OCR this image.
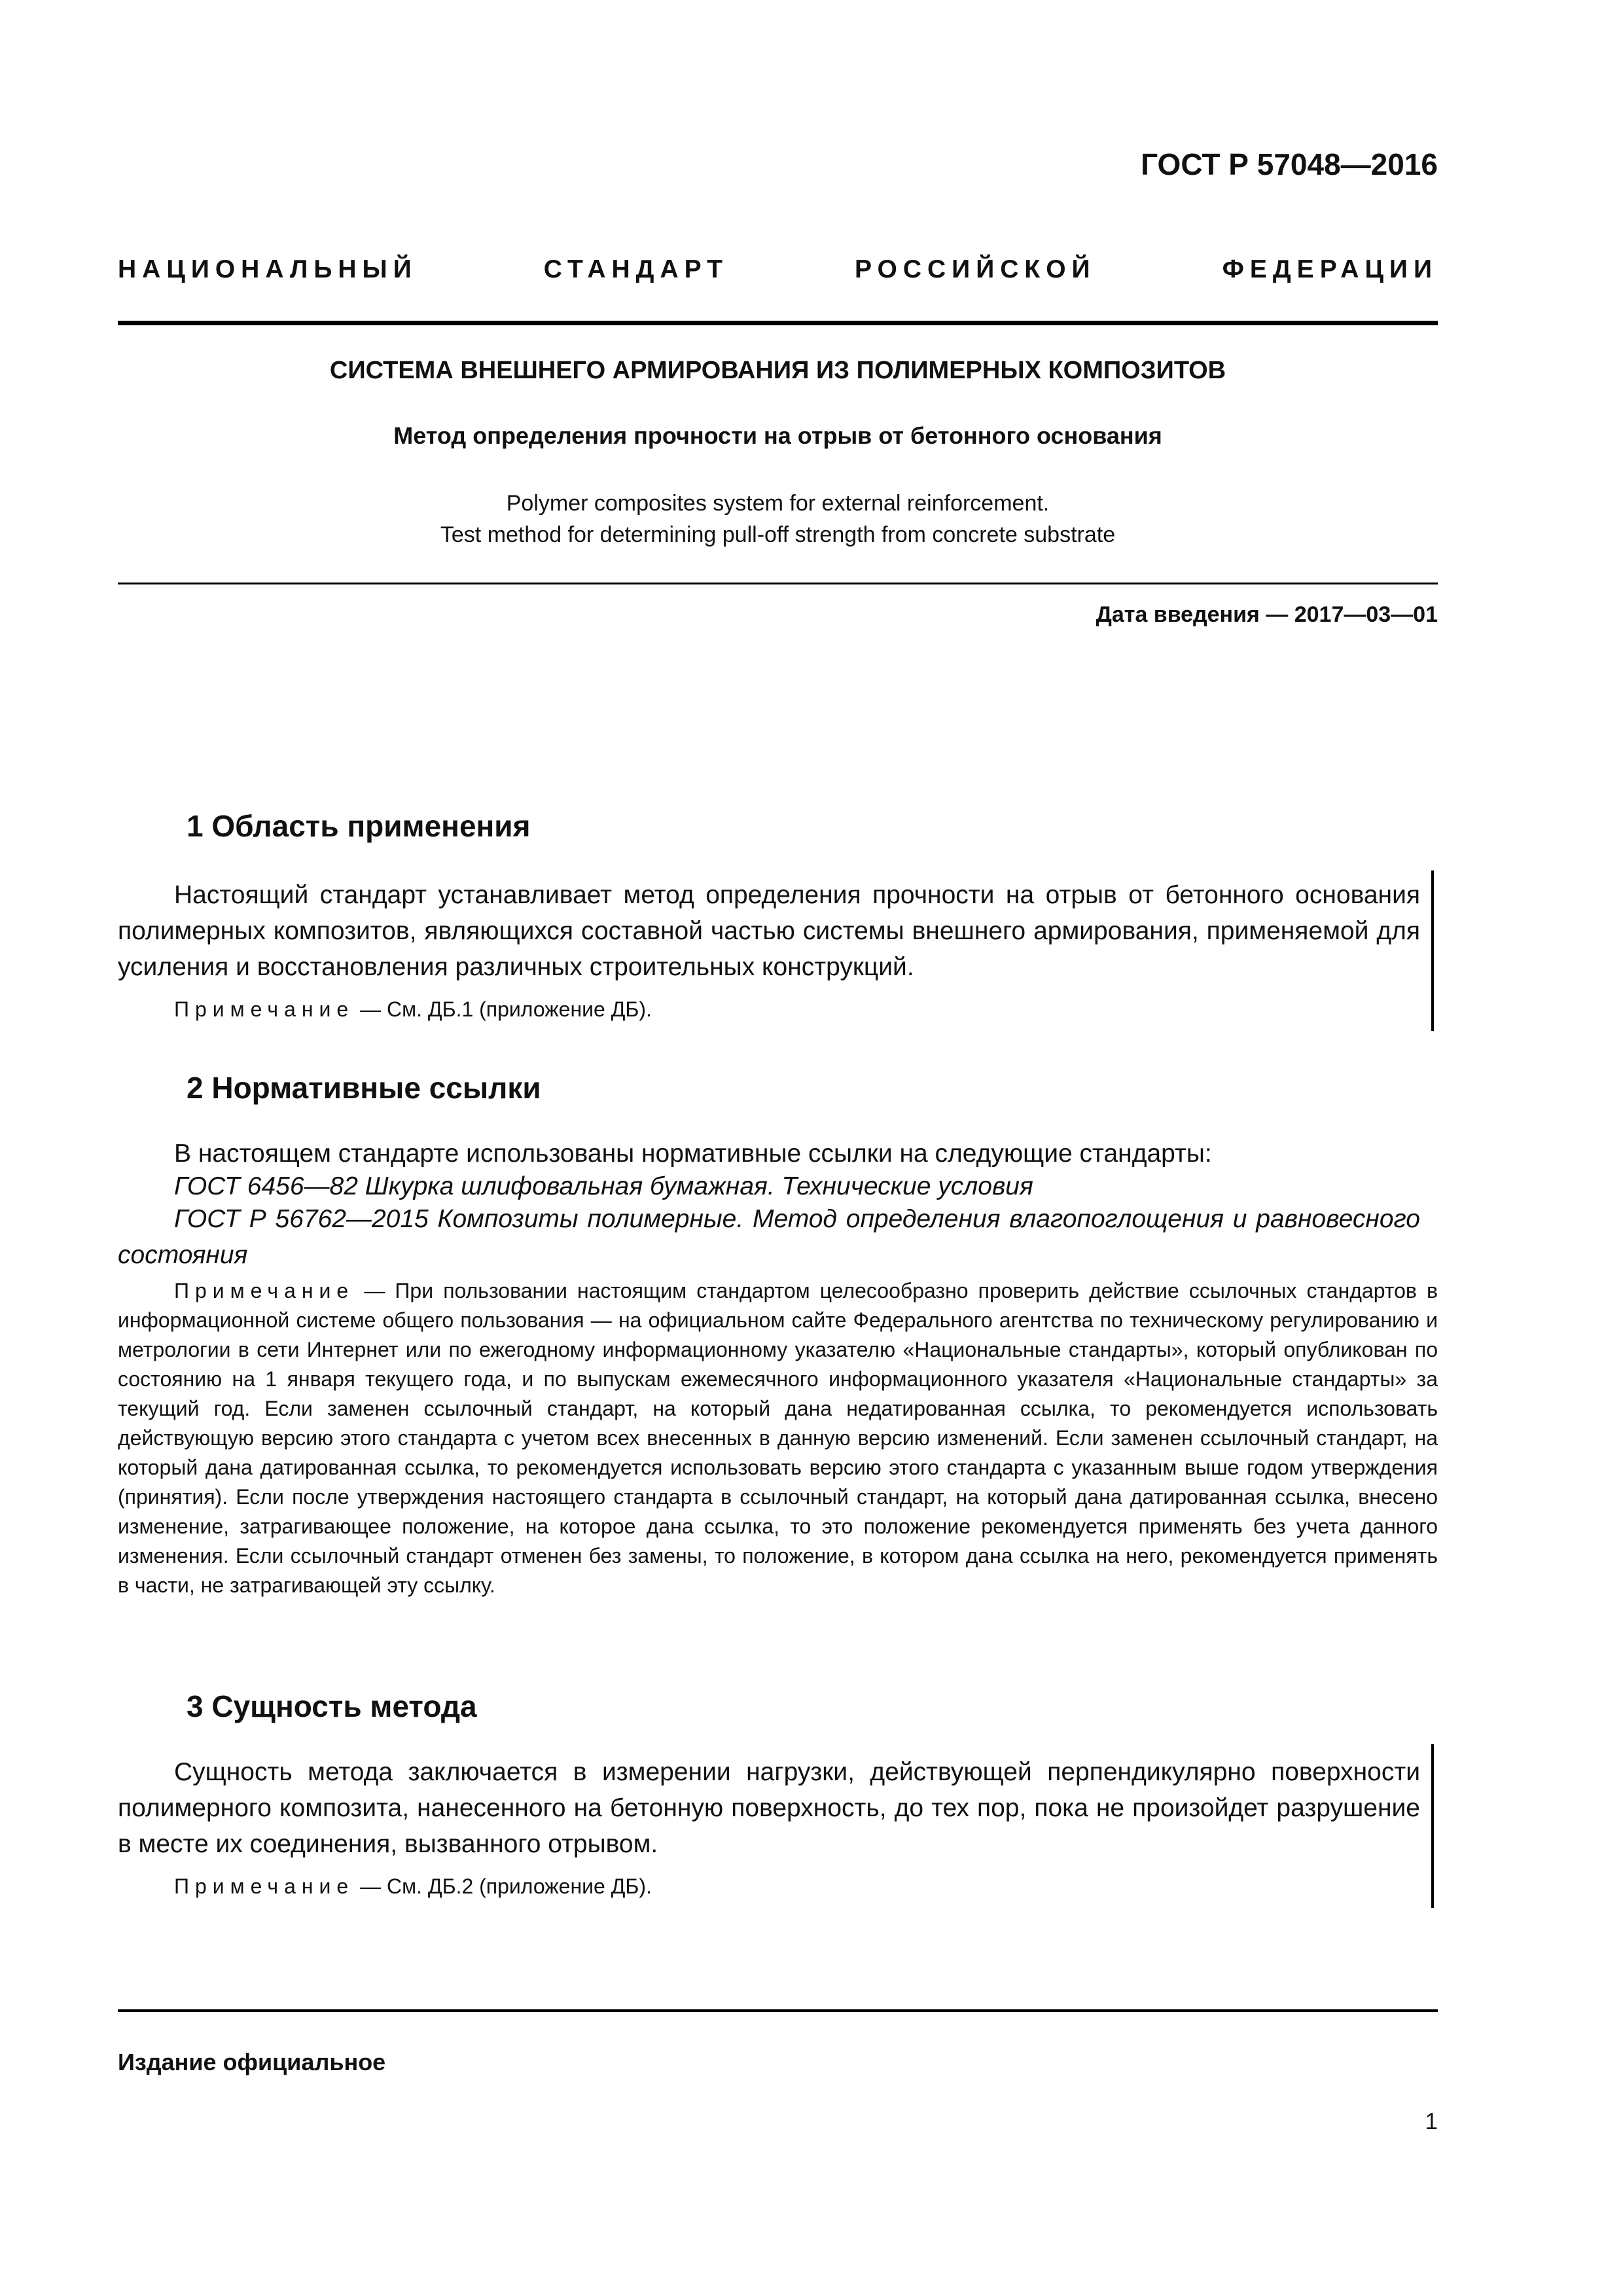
ГОСТ Р 57048—2016
НАЦИОНАЛЬНЫЙ	СТАНДАРТ	РОССИЙСКОЙ	ФЕДЕРАЦИИ
СИСТЕМА ВНЕШНЕГО АРМИРОВАНИЯ ИЗ ПОЛИМЕРНЫХ КОМПОЗИТОВ
Метод определения прочности на отрыв от бетонного основания
Polymer composites system for external reinforcement.
Test method for determining pull-off strength from concrete substrate
Дата введения — 2017—03—01
1 Область применения

Настоящий стандарт устанавливает метод определения прочности на отрыв от бетонного основания полимерных композитов, являющихся составной частью системы внешнего армирования, применяемой для усиления и восстановления различных строительных конструкций.

Примечание — См. ДБ.1 (приложение ДБ).

2 Нормативные ссылки

В настоящем стандарте использованы нормативные ссылки на следующие стандарты:

ГОСТ 6456—82 Шкурка шлифовальная бумажная. Технические условия

ГОСТ Р 56762—2015 Композиты полимерные. Метод определения влагопоглощения и равновесного состояния

Примечание — При пользовании настоящим стандартом целесообразно проверить действие ссылочных стандартов в информационной системе общего пользования — на официальном сайте Федерального агентства по техническому регулированию и метрологии в сети Интернет или по ежегодному информационному указателю «Национальные стандарты», который опубликован по состоянию на 1 января текущего года, и по выпускам ежемесячного информационного указателя «Национальные стандарты» за текущий год. Если заменен ссылочный стандарт, на который дана недатированная ссылка, то рекомендуется использовать действующую версию этого стандарта с учетом всех внесенных в данную версию изменений. Если заменен ссылочный стандарт, на который дана датированная ссылка, то рекомендуется использовать версию этого стандарта с указанным выше годом утверждения (принятия). Если после утверждения настоящего стандарта в ссылочный стандарт, на который дана датированная ссылка, внесено изменение, затрагивающее положение, на которое дана ссылка, то это положение рекомендуется применять без учета данного изменения. Если ссылочный стандарт отменен без замены, то положение, в котором дана ссылка на него, рекомендуется применять в части, не затрагивающей эту ссылку.

3 Сущность метода

Сущность метода заключается в измерении нагрузки, действующей перпендикулярно поверхности полимерного композита, нанесенного на бетонную поверхность, до тех пор, пока не произойдет разрушение в месте их соединения, вызванного отрывом.

Примечание — См. ДБ.2 (приложение ДБ).

Издание официальное
1
